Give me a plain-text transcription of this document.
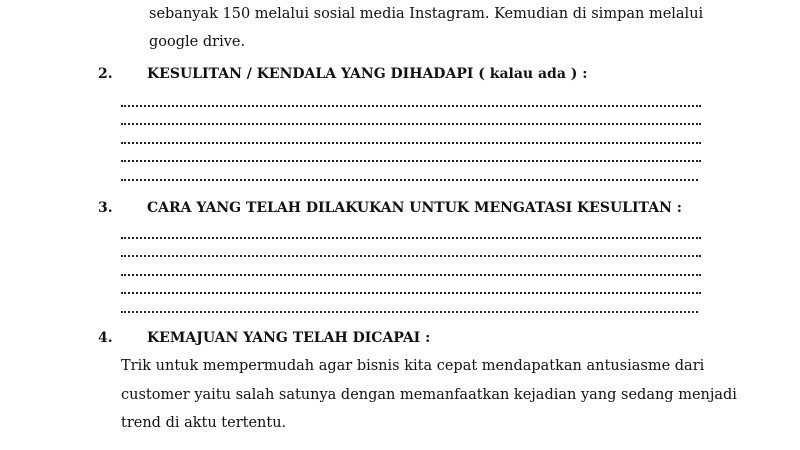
sebanyak 150 melalui sosial media Instagram. Kemudian di simpan melalui
google drive.
2. KESULITAN / KENDALA YANG DIHADAPI ( kalau ada ) :
3. CARA YANG TELAH DILAKUKAN UNTUK MENGATASI KESULITAN :
4. KEMAJUAN YANG TELAH DICAPAI :
Trik untuk mempermudah agar bisnis kita cepat mendapatkan antusiasme dari
customer yaitu salah satunya dengan memanfaatkan kejadian yang sedang menjadi
trend di aktu tertentu.
